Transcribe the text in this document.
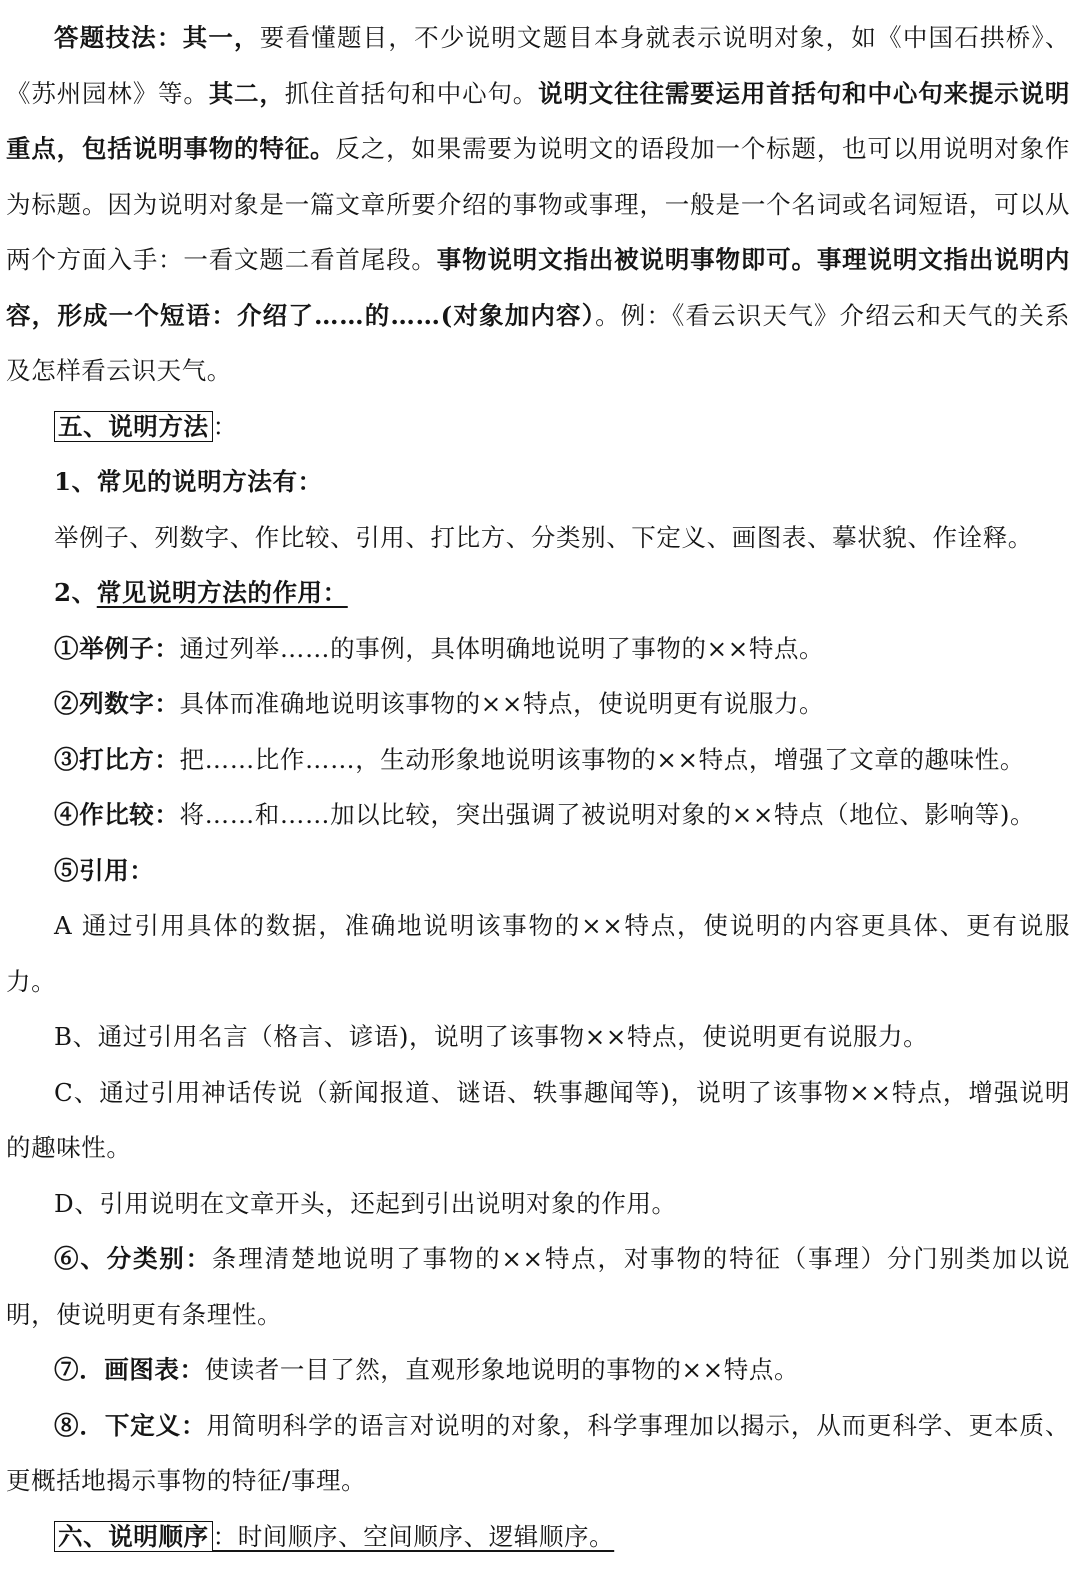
答题技法：其一，要看懂题目，不少说明文题目本身就表示说明对象，如《中国石拱桥》、《苏州园林》等。其二，抓住首括句和中心句。说明文往往需要运用首括句和中心句来提示说明重点，包括说明事物的特征。反之，如果需要为说明文的语段加一个标题，也可以用说明对象作为标题。因为说明对象是一篇文章所要介绍的事物或事理，一般是一个名词或名词短语，可以从两个方面入手：一看文题二看首尾段。事物说明文指出被说明事物即可。事理说明文指出说明内容，形成一个短语：介绍了……的……(对象加内容）。例：《看云识天气》介绍云和天气的关系及怎样看云识天气。

五、说明方法 ：

1、常见的说明方法有：

举例子、列数字、作比较、引用、打比方、分类别、下定义、画图表、摹状貌、作诠释。

2、常见说明方法的作用：

①举例子：通过列举……的事例，具体明确地说明了事物的××特点。

②列数字：具体而准确地说明该事物的××特点，使说明更有说服力。

③打比方：把……比作……，生动形象地说明该事物的××特点，增强了文章的趣味性。

④作比较：将……和……加以比较，突出强调了被说明对象的××特点（地位、影响等)。

⑤引用：

A 通过引用具体的数据，准确地说明该事物的××特点，使说明的内容更具体、更有说服力。

B、通过引用名言（格言、谚语)，说明了该事物××特点，使说明更有说服力。

C、通过引用神话传说（新闻报道、谜语、轶事趣闻等)，说明了该事物××特点，增强说明的趣味性。

D、引用说明在文章开头，还起到引出说明对象的作用。

⑥、分类别：条理清楚地说明了事物的××特点，对事物的特征（事理）分门别类加以说明，使说明更有条理性。

⑦．画图表：使读者一目了然，直观形象地说明的事物的××特点。

⑧．下定义：用简明科学的语言对说明的对象，科学事理加以揭示，从而更科学、更本质、更概括地揭示事物的特征/事理。

六、说明顺序 ：时间顺序、空间顺序、逻辑顺序。
